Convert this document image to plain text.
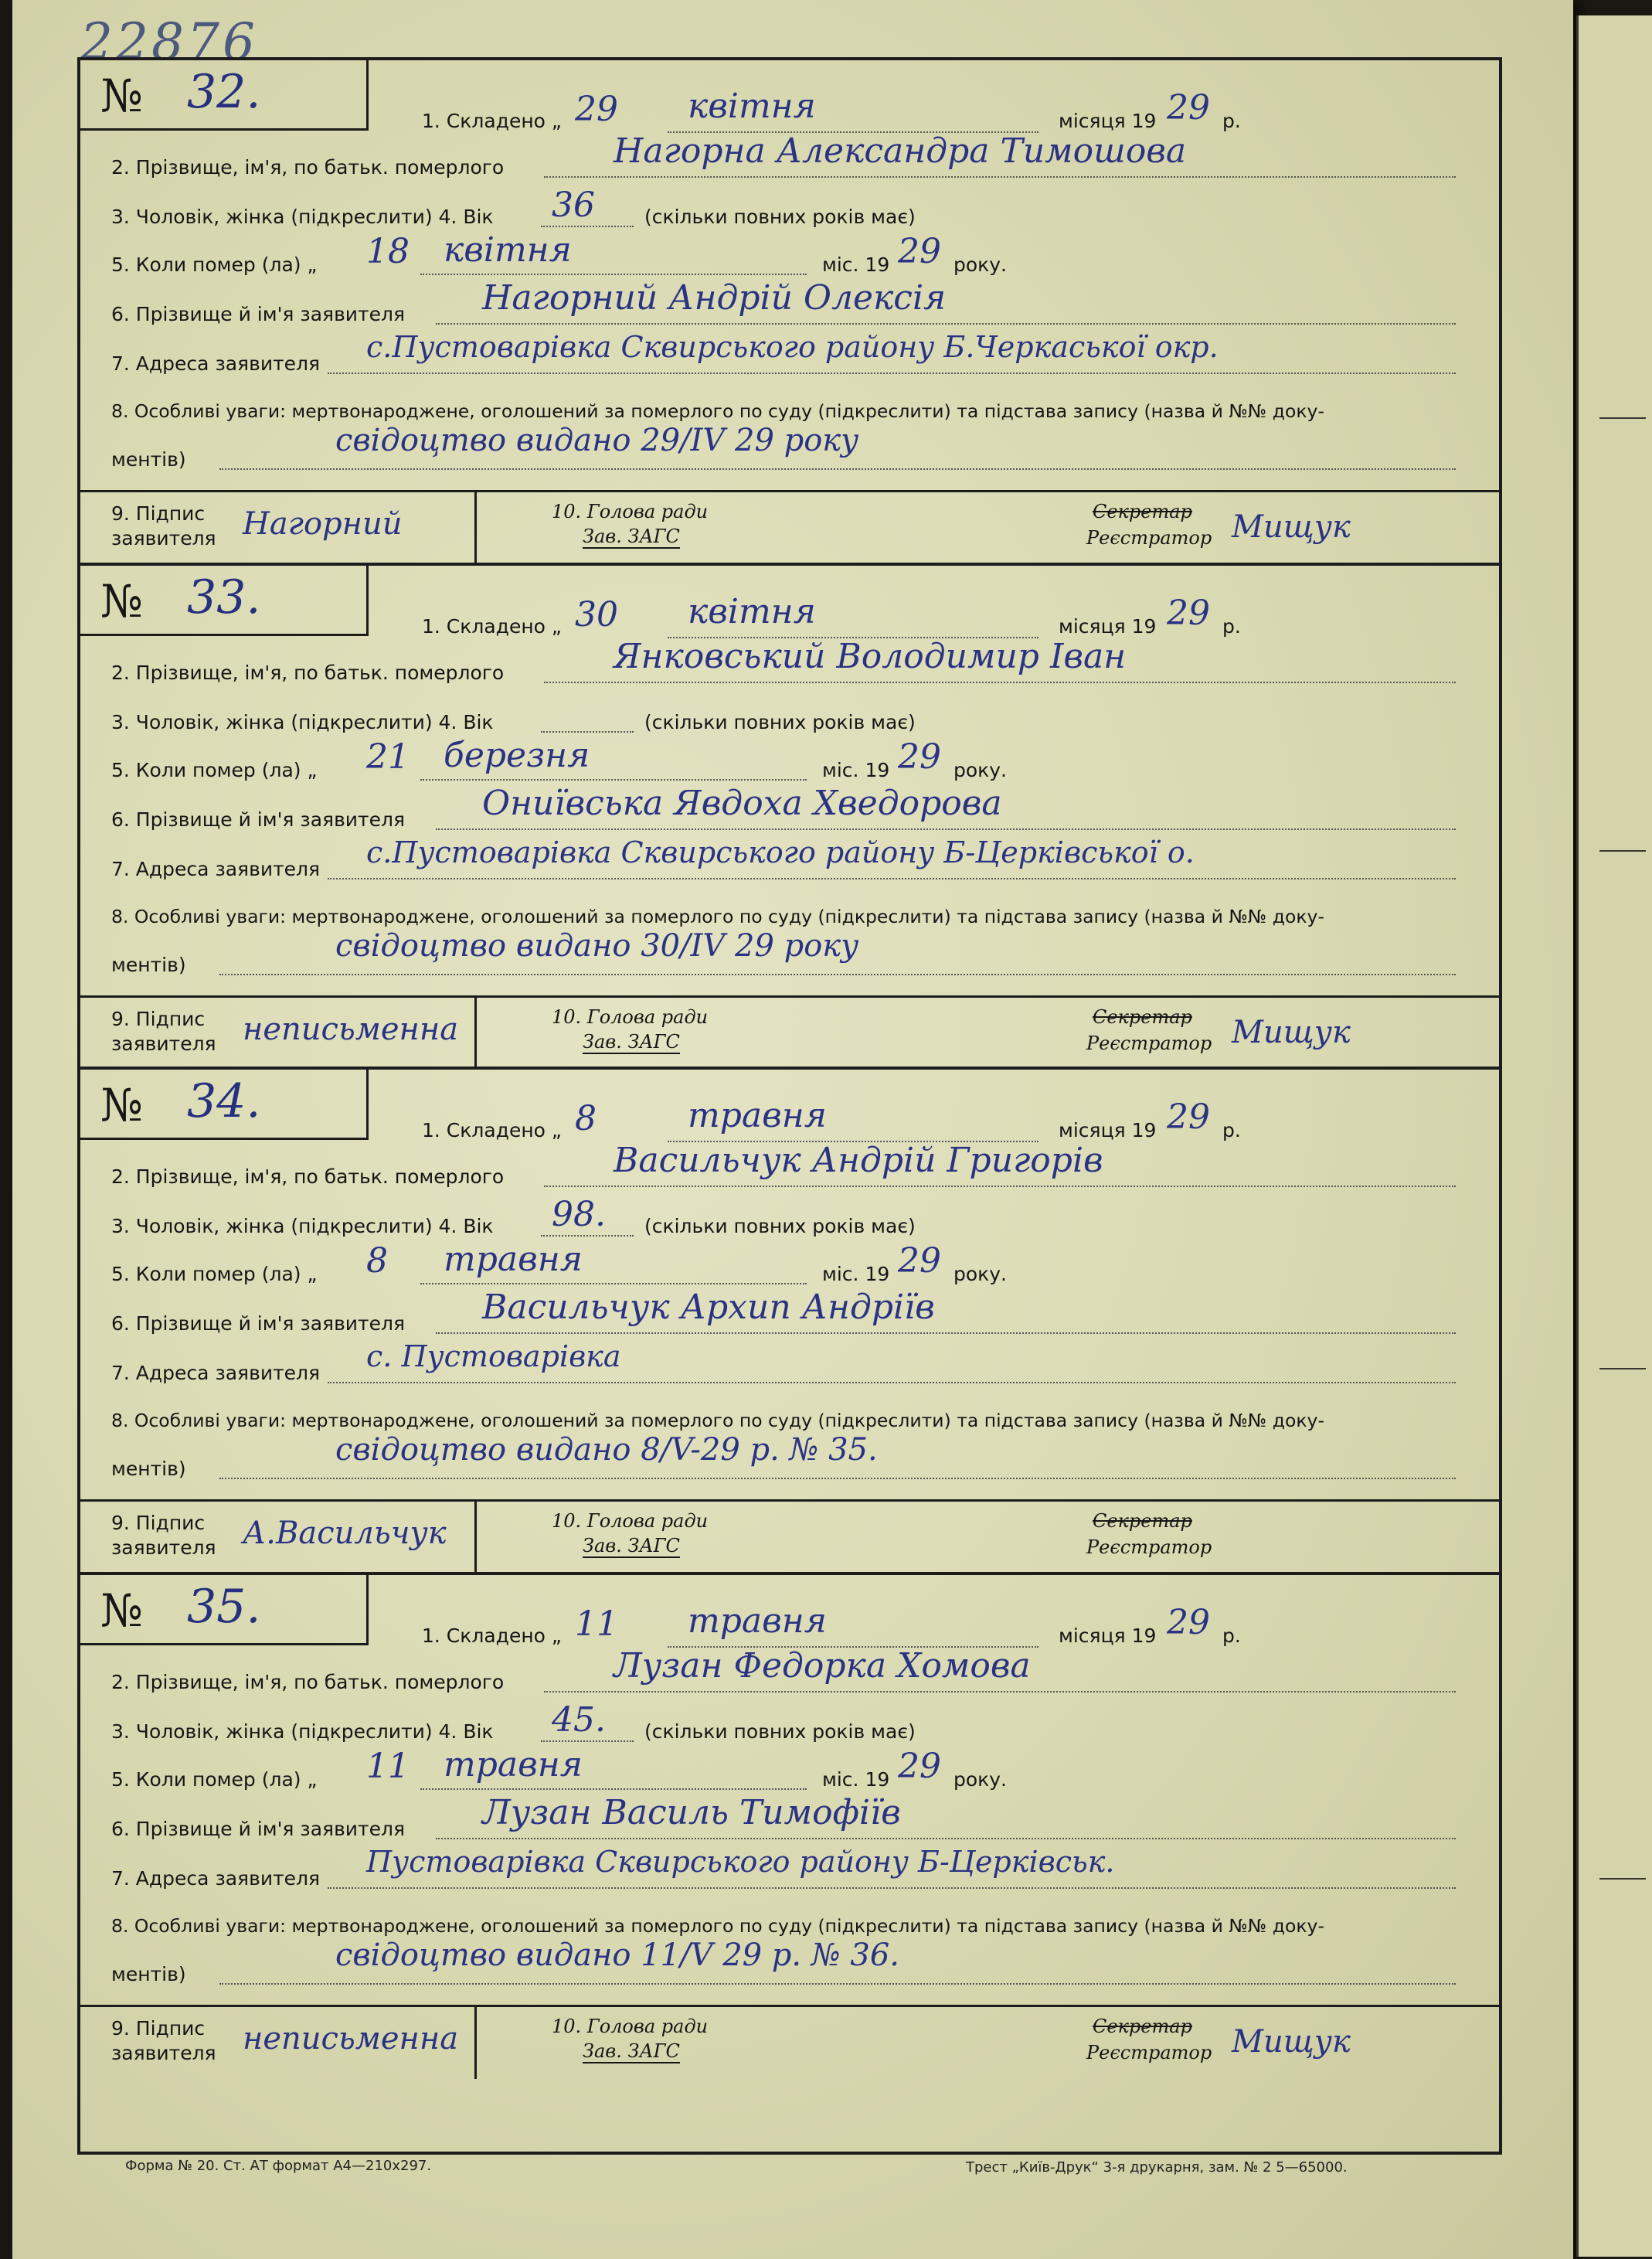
22876
№ 32.
1. Складено „ 29 квітня	місяця 19 29 р.
2. Прізвище, ім'я, по батьк. померлого	Нагорна Александра Тимошова
3. Чоловік, жінка (підкреслити) 4. Вік 36	(скільки повних років має)
5. Коли помер (ла) „ 18 квітня	міс. 19 29 року.
6. Прізвище й ім'я заявителя Нагорний Андрій Олексія
7. Адреса заявителя с.Пустоварівка Сквирського району Б.Черкаської окр.
8. Особливі уваги: мертвонароджене, оголошений за померлого по суду (підкреслити) та підстава запису (назва й №№ доку-
ментів)
свідоцтво видано 29/IV 29 року
9. Підпис
заявителя Нагорний	10. Голова ради
Зав. ЗАГС
Секретар
Реєстратор Мищук
№ 33.
1. Складено „ 30 квітня	місяця 19 29 р.
2. Прізвище, ім'я, по батьк. померлого	Янковський Володимир Іван
3. Чоловік, жінка (підкреслити) 4. Вік	(скільки повних років має)
5. Коли помер (ла) „ 21 березня	міс. 19 29 року.
6. Прізвище й ім'я заявителя Ониївська Явдоха Хведорова
7. Адреса заявителя с.Пустоварівка Сквирського району Б-Церківської о.
8. Особливі уваги: мертвонароджене, оголошений за померлого по суду (підкреслити) та підстава запису (назва й №№ доку-
ментів)
свідоцтво видано 30/IV 29 року
9. Підпис
заявителя неписьменна	10. Голова ради
Зав. ЗАГС
Секретар
Реєстратор Мищук
№ 34.
1. Складено „ 8	травня	місяця 19 29 р.
2. Прізвище, ім'я, по батьк. померлого	Васильчук Андрій Григорів
3. Чоловік, жінка (підкреслити) 4. Вік 98. (скільки повних років має)
5. Коли помер (ла) „ 8 травня	міс. 19 29 року.
6. Прізвище й ім'я заявителя Васильчук Архип Андріїв
7. Адреса заявителя с. Пустоварівка
8. Особливі уваги: мертвонароджене, оголошений за померлого по суду (підкреслити) та підстава запису (назва й №№ доку-
ментів)
свідоцтво видано 8/V-29 р. № 35.
9. Підпис
заявителя А.Васильчук	10. Голова ради
Зав. ЗАГС
Секретар
Реєстратор
№ 35.
1. Складено „ 11 травня	місяця 19 29 р.
2. Прізвище, ім'я, по батьк. померлого	Лузан Федорка Хомова
3. Чоловік, жінка (підкреслити) 4. Вік 45. (скільки повних років має)
5. Коли помер (ла) „ 11 травня	міс. 19 29 року.
6. Прізвище й ім'я заявителя Лузан Василь Тимофіїв
7. Адреса заявителя Пустоварівка Сквирського району Б-Церківськ.
8. Особливі уваги: мертвонароджене, оголошений за померлого по суду (підкреслити) та підстава запису (назва й №№ доку-
ментів)
свідоцтво видано 11/V 29 р. № 36.
9. Підпис
заявителя неписьменна	10. Голова ради
Зав. ЗАГС
Секретар
Реєстратор Мищук
Форма № 20. Ст. АТ формат А4—210х297.	Трест „Київ-Друк“ 3-я друкарня, зам. № 2 5—65000.
